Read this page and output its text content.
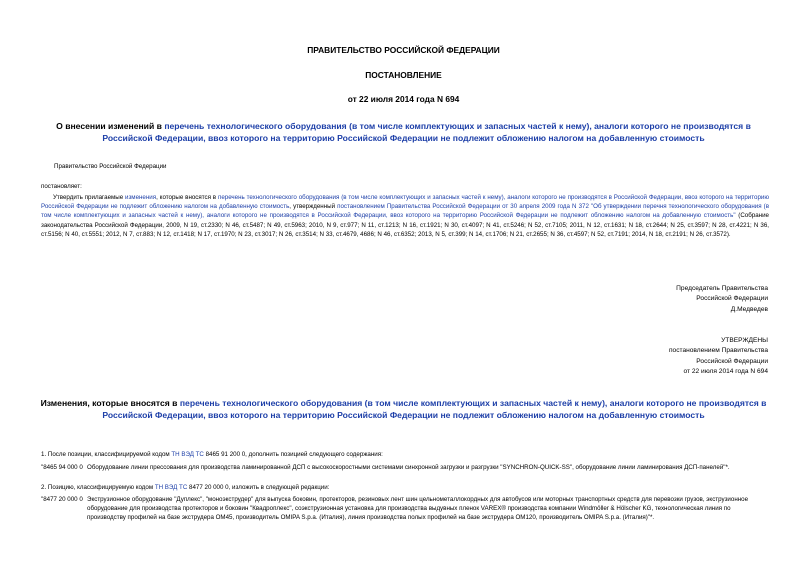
ПРАВИТЕЛЬСТВО РОССИЙСКОЙ ФЕДЕРАЦИИ
ПОСТАНОВЛЕНИЕ
от 22 июля 2014 года N 694
О внесении изменений в перечень технологического оборудования (в том числе комплектующих и запасных частей к нему), аналоги которого не производятся в Российской Федерации, ввоз которого на территорию Российской Федерации не подлежит обложению налогом на добавленную стоимость
Правительство Российской Федерации
постановляет:
Утвердить прилагаемые изменения, которые вносятся в перечень технологического оборудования (в том числе комплектующих и запасных частей к нему), аналоги которого не производятся в Российской Федерации, ввоз которого на территорию Российской Федерации не подлежит обложению налогом на добавленную стоимость, утвержденный постановлением Правительства Российской Федерации от 30 апреля 2009 года N 372 "Об утверждении перечня технологического оборудования (в том числе комплектующих и запасных частей к нему), аналоги которого не производятся в Российской Федерации, ввоз которого на территорию Российской Федерации не подлежит обложению налогом на добавленную стоимость" (Собрание законодательства Российской Федерации, 2009, N 19, ст.2330; N 46, ст.5487; N 49, ст.5963; 2010, N 9, ст.977; N 11, ст.1213; N 16, ст.1921; N 30, ст.4097; N 41, ст.5246; N 52, ст.7105; 2011, N 12, ст.1631; N 18, ст.2644; N 25, ст.3597; N 28, ст.4221; N 36, ст.5156; N 40, ст.5551; 2012, N 7, ст.883; N 12, ст.1418; N 17, ст.1970; N 23, ст.3017; N 26, ст.3514; N 33, ст.4679, 4686; N 46, ст.6352; 2013, N 5, ст.399; N 14, ст.1706; N 21, ст.2655; N 36, ст.4597; N 52, ст.7191; 2014, N 18, ст.2191; N 26, ст.3572).
Председатель Правительства
Российской Федерации
Д.Медведев
УТВЕРЖДЕНЫ
постановлением Правительства
Российской Федерации
от 22 июля 2014 года N 694
Изменения, которые вносятся в перечень технологического оборудования (в том числе комплектующих и запасных частей к нему), аналоги которого не производятся в Российской Федерации, ввоз которого на территорию Российской Федерации не подлежит обложению налогом на добавленную стоимость
1. После позиции, классифицируемой кодом ТН ВЭД ТС 8465 91 200 0, дополнить позицией следующего содержания:
"8465 94 000 0 Оборудование линии прессования для производства ламинированной ДСП с высокоскоростными системами синхронной загрузки и разгрузки "SYNCHRON-QUICK-SS", оборудование линии ламинирования ДСП-панелей"*.
2. Позицию, классифицируемую кодом ТН ВЭД ТС 8477 20 000 0, изложить в следующей редакции:
"8477 20 000 0 Экструзионное оборудование "Дуплекс", "моноэкструдер" для выпуска боковин, протекторов, резиновых лент шин цельнометаллокордных для автобусов или моторных транспортных средств для перевозки грузов, экструзионное оборудование для производства протекторов и боковин "Квадроплекс", соэкструзионная установка для производства выдувных пленок VAREX® производства компании Windmöller & Hölscher KG, технологическая линия по производству профилей на базе экструдера OM45, производитель OMIPA S.p.a. (Италия), линия производства полых профилей на базе экструдера OM120, производитель OMIPA S.p.a. (Италия)"*.
